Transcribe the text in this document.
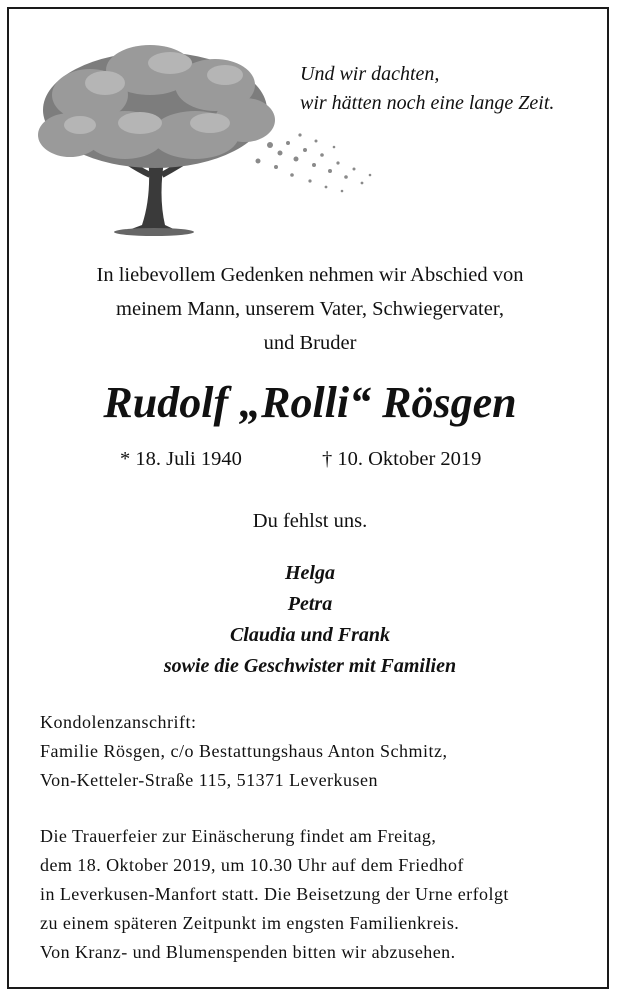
Und wir dachten,
wir hätten noch eine lange Zeit.
In liebevollem Gedenken nehmen wir Abschied von
meinem Mann, unserem Vater, Schwiegervater,
und Bruder
Rudolf „Rolli“ Rösgen
* 18. Juli 1940	† 10. Oktober 2019
Du fehlst uns.
Helga
Petra
Claudia und Frank
sowie die Geschwister mit Familien
Kondolenzanschrift:
Familie Rösgen, c/o Bestattungshaus Anton Schmitz,
Von-Ketteler-Straße 115, 51371 Leverkusen
Die Trauerfeier zur Einäscherung findet am Freitag,
dem 18. Oktober 2019, um 10.30 Uhr auf dem Friedhof
in Leverkusen-Manfort statt. Die Beisetzung der Urne erfolgt
zu einem späteren Zeitpunkt im engsten Familienkreis.
Von Kranz- und Blumenspenden bitten wir abzusehen.
